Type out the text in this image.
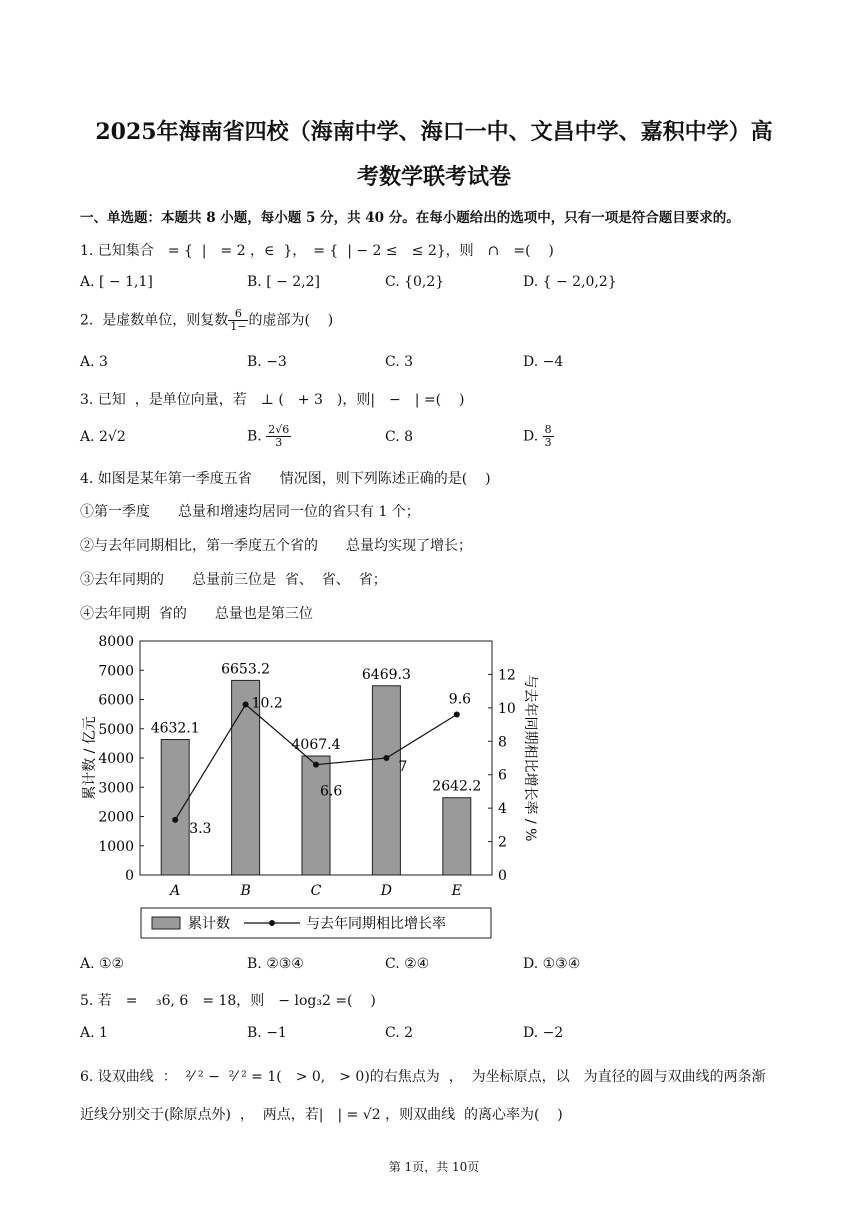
2025年海南省四校（海南中学、海口一中、文昌中学、嘉积中学）高
考数学联考试卷
一、单选题：本题共 8 小题，每小题 5 分，共 40 分。在每小题给出的选项中，只有一项是符合题目要求的。
1. 已知集合　= {  |　= 2 ，∈  }，　= {  | − 2 ≤　≤ 2}，则　∩　=(    )
A. [ − 1,1]	B. [ − 2,2]	C. {0,2}	D. { − 2,0,2}
2.  是虚数单位，则复数 $\frac{6}{1-}$ 的虚部为(    )
A. 3	B. −3	C. 3	D. −4
3. 已知  ，是单位向量，若　⊥ (　+ 3　)，则|　−　| =(    )
A. 2√2	B. $\frac{2√6}{3}$	C. 8	D. $\frac{8}{3}$
4. 如图是某年第一季度五省　　情况图，则下列陈述正确的是(    )
①第一季度　　总量和增速均居同一位的省只有 1 个；
②与去年同期相比，第一季度五个省的　　总量均实现了增长；
③去年同期的　　总量前三位是  省、  省、  省；
④去年同期  省的　　总量也是第三位
0
1000
2000
3000
4000
5000
6000
7000
8000
0
2
4
6
8
10
12
累计数 / 亿元	与去年同期相比增长率 / %
4632.1
6653.2
4067.4
6469.3
2642.2
A	B	C	D	E
3.3
10.2
6.6
7
9.6
累计数	与去年同期相比增长率
A. ①②	B. ②③④	C. ②④	D. ①③④
5. 若　=　 ₃6, 6　= 18，则　− log₃2 =(    )
A. 1	B. −1	C. 2	D. −2
6. 设双曲线  ：  ²⁄ ² −  ²⁄ ² = 1(　> 0,　> 0)的右焦点为  ，  为坐标原点，以　为直径的圆与双曲线的两条渐
近线分别交于(除原点外)  ，  两点，若|　| = √2 ，则双曲线  的离心率为(    )
第 1页，共 10页
